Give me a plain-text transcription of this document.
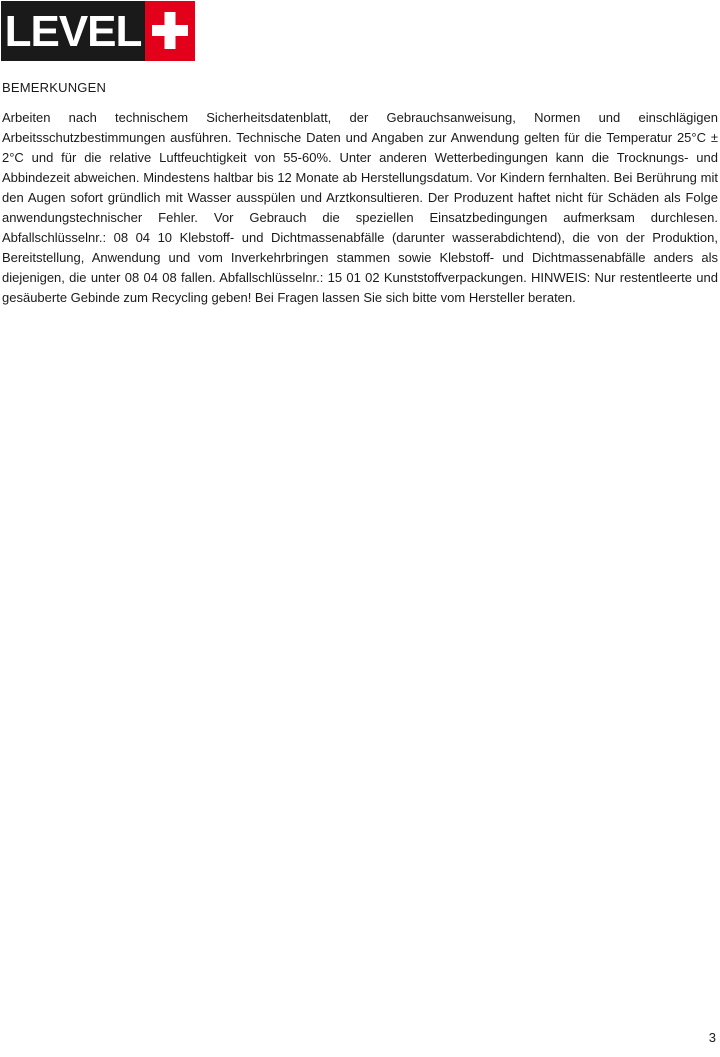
LEVEL
BEMERKUNGEN

Arbeiten nach technischem Sicherheitsdatenblatt, der Gebrauchsanweisung, Normen und einschlägigen Arbeitsschutzbestimmungen ausführen. Technische Daten und Angaben zur Anwendung gelten für die Temperatur 25°C ± 2°C und für die relative Luftfeuchtigkeit von 55-60%. Unter anderen Wetterbedingungen kann die Trocknungs- und Abbindezeit abweichen. Mindestens haltbar bis 12 Monate ab Herstellungsdatum. Vor Kindern fernhalten. Bei Berührung mit den Augen sofort gründlich mit Wasser ausspülen und Arztkonsultieren. Der Produzent haftet nicht für Schäden als Folge anwendungstechnischer Fehler. Vor Gebrauch die speziellen Einsatzbedingungen aufmerksam durchlesen. Abfallschlüsselnr.: 08 04 10 Klebstoff- und Dichtmassenabfälle (darunter wasserabdichtend), die von der Produktion, Bereitstellung, Anwendung und vom Inverkehrbringen stammen sowie Klebstoff- und Dichtmassenabfälle anders als diejenigen, die unter 08 04 08 fallen. Abfallschlüsselnr.: 15 01 02 Kunststoffverpackungen. HINWEIS: Nur restentleerte und gesäuberte Gebinde zum Recycling geben! Bei Fragen lassen Sie sich bitte vom Hersteller beraten.

3
